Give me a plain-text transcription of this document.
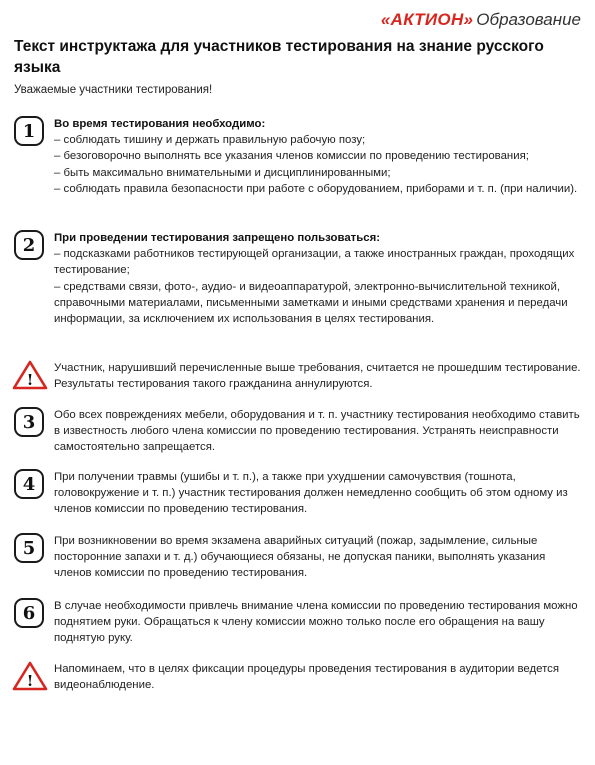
«АКТИОН» Образование
Текст инструктажа для участников тестирования на знание русского языка
Уважаемые участники тестирования!
1	Во время тестирования необходимо:
– соблюдать тишину и держать правильную рабочую позу;
– безоговорочно выполнять все указания членов комиссии по проведению тестирования;
– быть максимально внимательными и дисциплинированными;
– соблюдать правила безопасности при работе с оборудованием, приборами и т. п. (при наличии).
2	При проведении тестирования запрещено пользоваться:
– подсказками работников тестирующей организации, а также иностранных граждан, проходящих тестирование;
– средствами связи, фото-, аудио- и видеоаппаратурой, электронно-вычислительной техникой, справочными материалами, письменными заметками и иными средствами хранения и передачи информации, за исключением их использования в целях тестирования.
!
Участник, нарушивший перечисленные выше требования, считается не прошедшим тестирование. Результаты тестирования такого гражданина аннулируются.
3	Обо всех повреждениях мебели, оборудования и т. п. участнику тестирования необходимо ставить в известность любого члена комиссии по проведению тестирования. Устранять неисправности самостоятельно запрещается.
4	При получении травмы (ушибы и т. п.), а также при ухудшении самочувствия (тошнота, головокружение и т. п.) участник тестирования должен немедленно сообщить об этом одному из членов комиссии по проведению тестирования.
5	При возникновении во время экзамена аварийных ситуаций (пожар, задымление, сильные посторонние запахи и т. д.) обучающиеся обязаны, не допуская паники, выполнять указания членов комиссии по проведению тестирования.
6	В случае необходимости привлечь внимание члена комиссии по проведению тестирования можно поднятием руки. Обращаться к члену комиссии можно только после его обращения на вашу поднятую руку.
!
Напоминаем, что в целях фиксации процедуры проведения тестирования в аудитории ведется видеонаблюдение.
